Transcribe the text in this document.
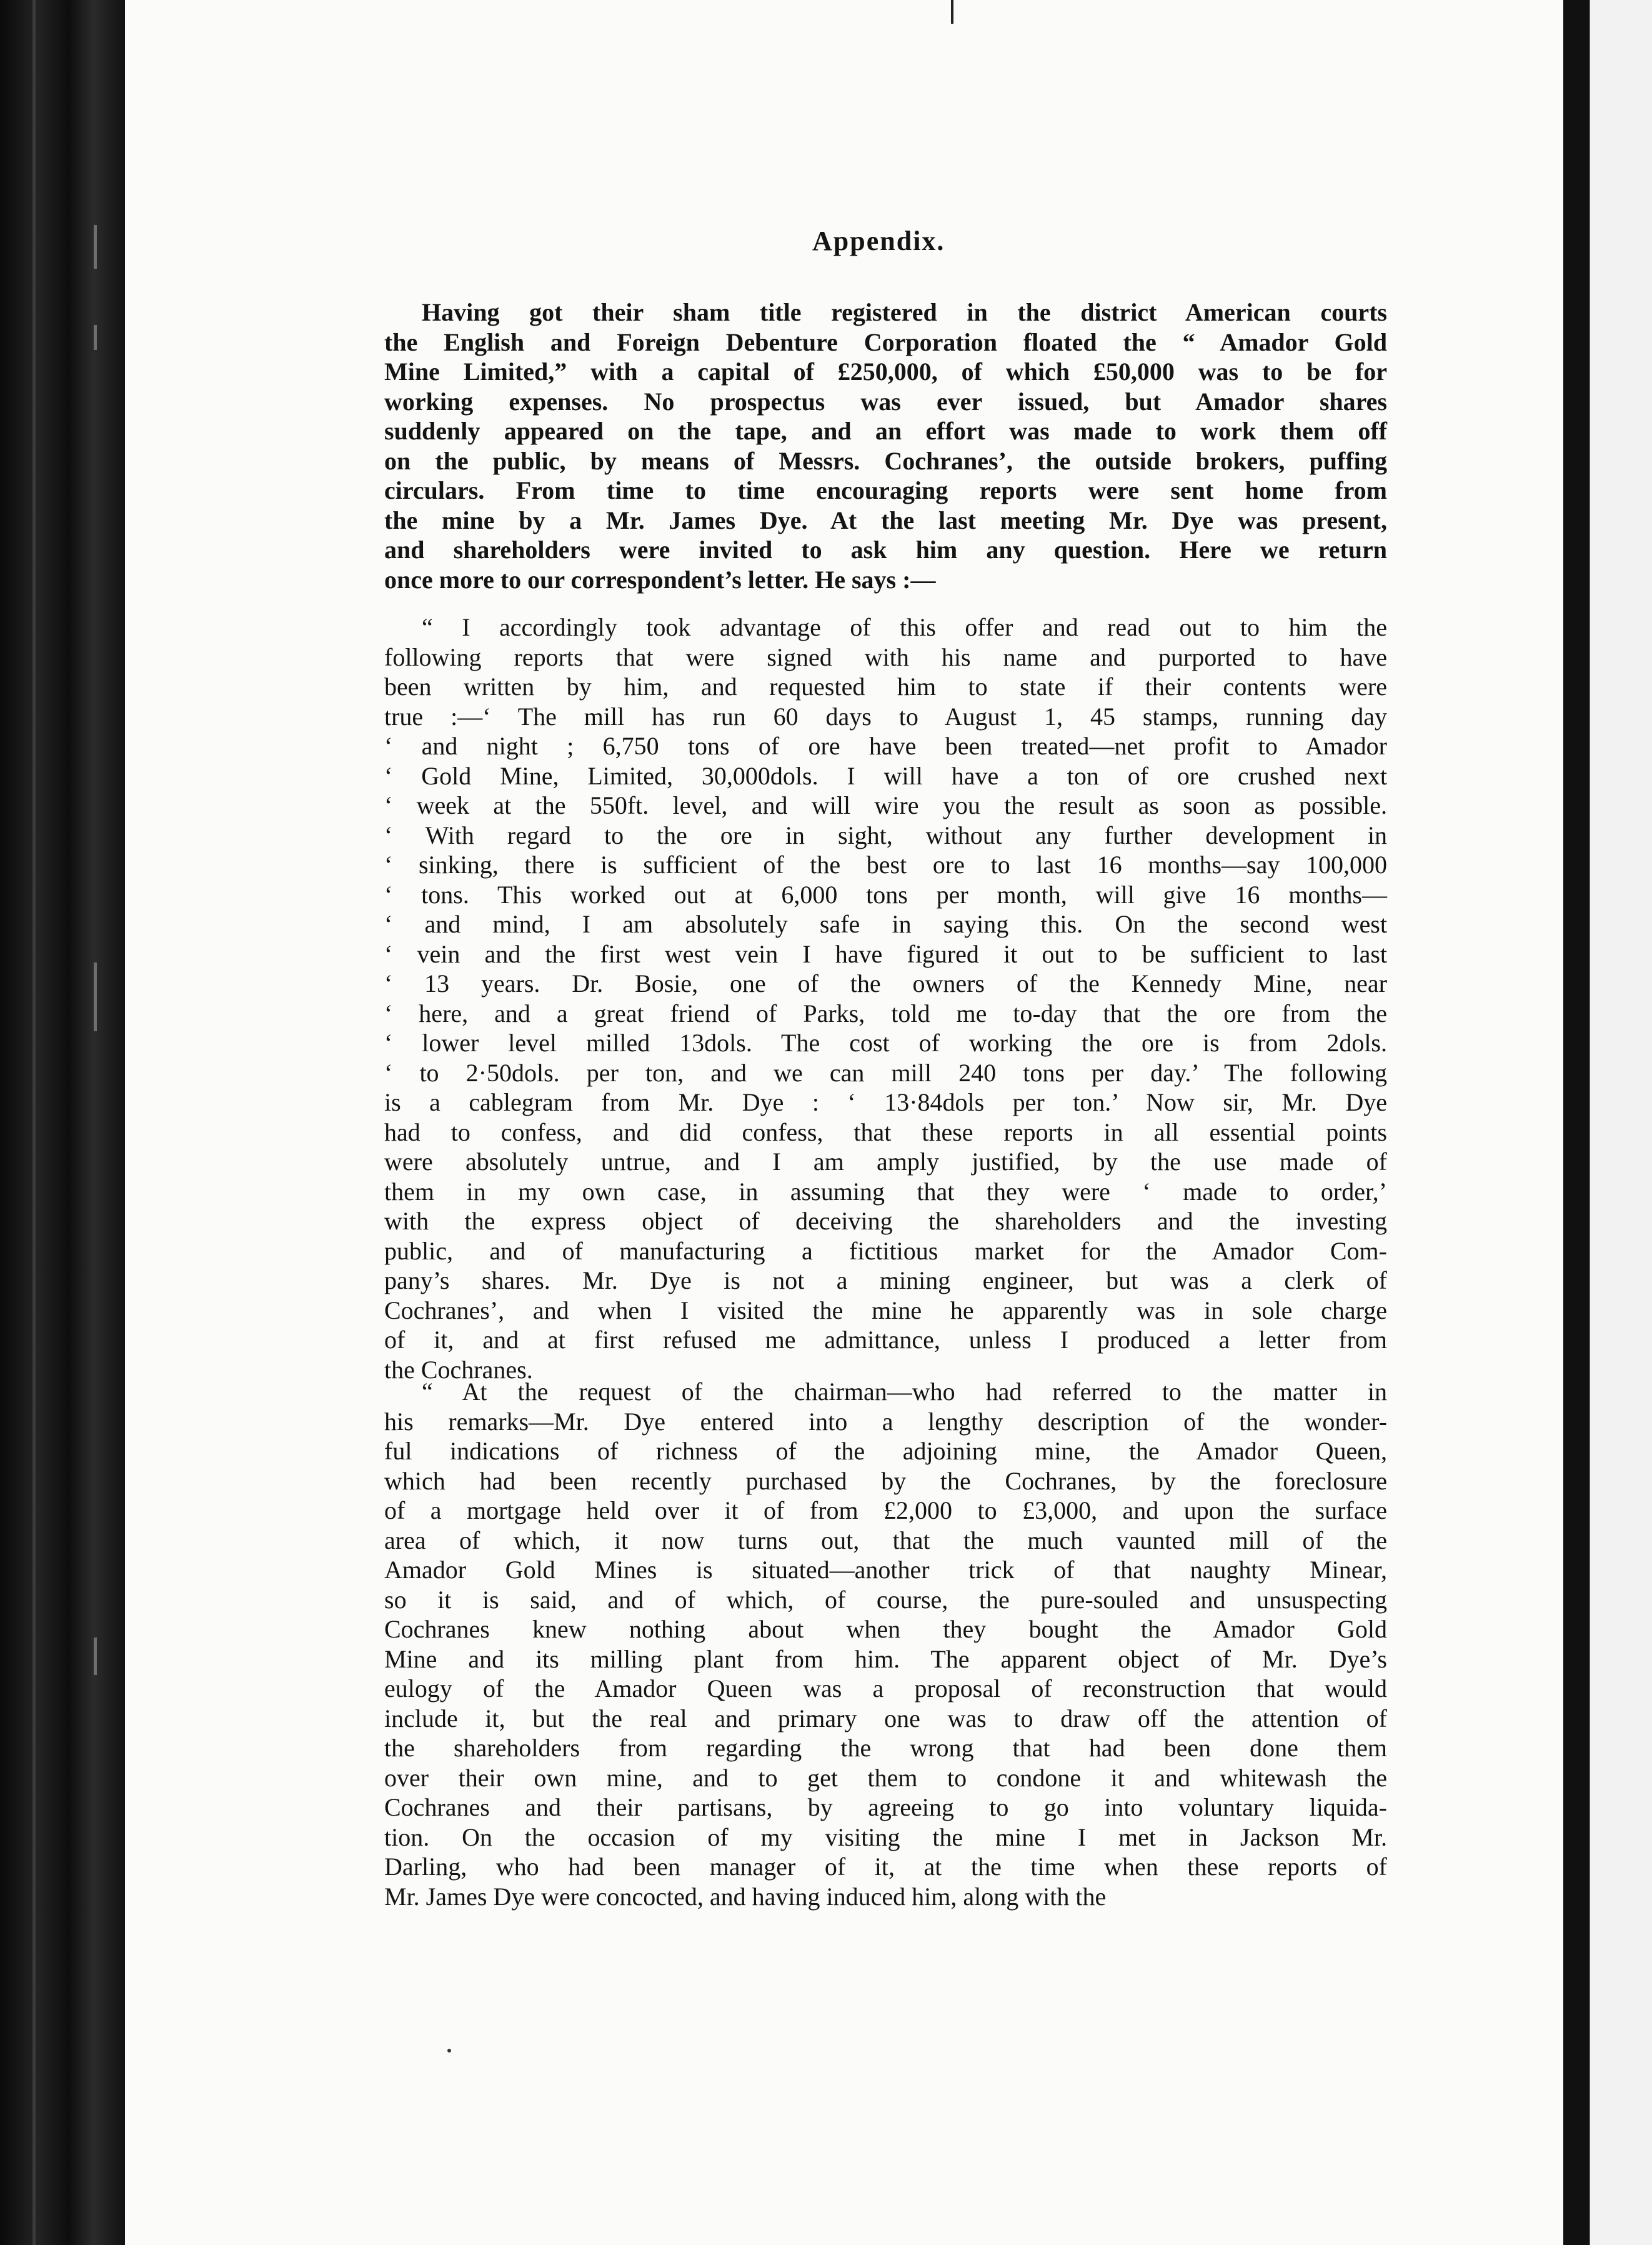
Appendix.
Having got their sham title registered in the district American courts
the English and Foreign Debenture Corporation floated the “ Amador Gold
Mine Limited,” with a capital of £250,000, of which £50,000 was to be for
working expenses. No prospectus was ever issued, but Amador shares
suddenly appeared on the tape, and an effort was made to work them off
on the public, by means of Messrs. Cochranes’, the outside brokers, puffing
circulars. From time to time encouraging reports were sent home from
the mine by a Mr. James Dye. At the last meeting Mr. Dye was present,
and shareholders were invited to ask him any question. Here we return
once more to our correspondent’s letter. He says :—
“ I accordingly took advantage of this offer and read out to him the
following reports that were signed with his name and purported to have
been written by him, and requested him to state if their contents were
true :—‘ The mill has run 60 days to August 1, 45 stamps, running day
‘ and night ; 6,750 tons of ore have been treated—net profit to Amador
‘ Gold Mine, Limited, 30,000dols. I will have a ton of ore crushed next
‘ week at the 550ft. level, and will wire you the result as soon as possible.
‘ With regard to the ore in sight, without any further development in
‘ sinking, there is sufficient of the best ore to last 16 months—say 100,000
‘ tons. This worked out at 6,000 tons per month, will give 16 months—
‘ and mind, I am absolutely safe in saying this. On the second west
‘ vein and the first west vein I have figured it out to be sufficient to last
‘ 13 years. Dr. Bosie, one of the owners of the Kennedy Mine, near
‘ here, and a great friend of Parks, told me to-day that the ore from the
‘ lower level milled 13dols. The cost of working the ore is from 2dols.
‘ to 2·50dols. per ton, and we can mill 240 tons per day.’ The following
is a cablegram from Mr. Dye : ‘ 13·84dols per ton.’ Now sir, Mr. Dye
had to confess, and did confess, that these reports in all essential points
were absolutely untrue, and I am amply justified, by the use made of
them in my own case, in assuming that they were ‘ made to order,’
with the express object of deceiving the shareholders and the investing
public, and of manufacturing a fictitious market for the Amador Com-
pany’s shares. Mr. Dye is not a mining engineer, but was a clerk of
Cochranes’, and when I visited the mine he apparently was in sole charge
of it, and at first refused me admittance, unless I produced a letter from
the Cochranes.
“ At the request of the chairman—who had referred to the matter in
his remarks—Mr. Dye entered into a lengthy description of the wonder-
ful indications of richness of the adjoining mine, the Amador Queen,
which had been recently purchased by the Cochranes, by the foreclosure
of a mortgage held over it of from £2,000 to £3,000, and upon the surface
area of which, it now turns out, that the much vaunted mill of the
Amador Gold Mines is situated—another trick of that naughty Minear,
so it is said, and of which, of course, the pure-souled and unsuspecting
Cochranes knew nothing about when they bought the Amador Gold
Mine and its milling plant from him. The apparent object of Mr. Dye’s
eulogy of the Amador Queen was a proposal of reconstruction that would
include it, but the real and primary one was to draw off the attention of
the shareholders from regarding the wrong that had been done them
over their own mine, and to get them to condone it and whitewash the
Cochranes and their partisans, by agreeing to go into voluntary liquida-
tion. On the occasion of my visiting the mine I met in Jackson Mr.
Darling, who had been manager of it, at the time when these reports of
Mr. James Dye were concocted, and having induced him, along with the
